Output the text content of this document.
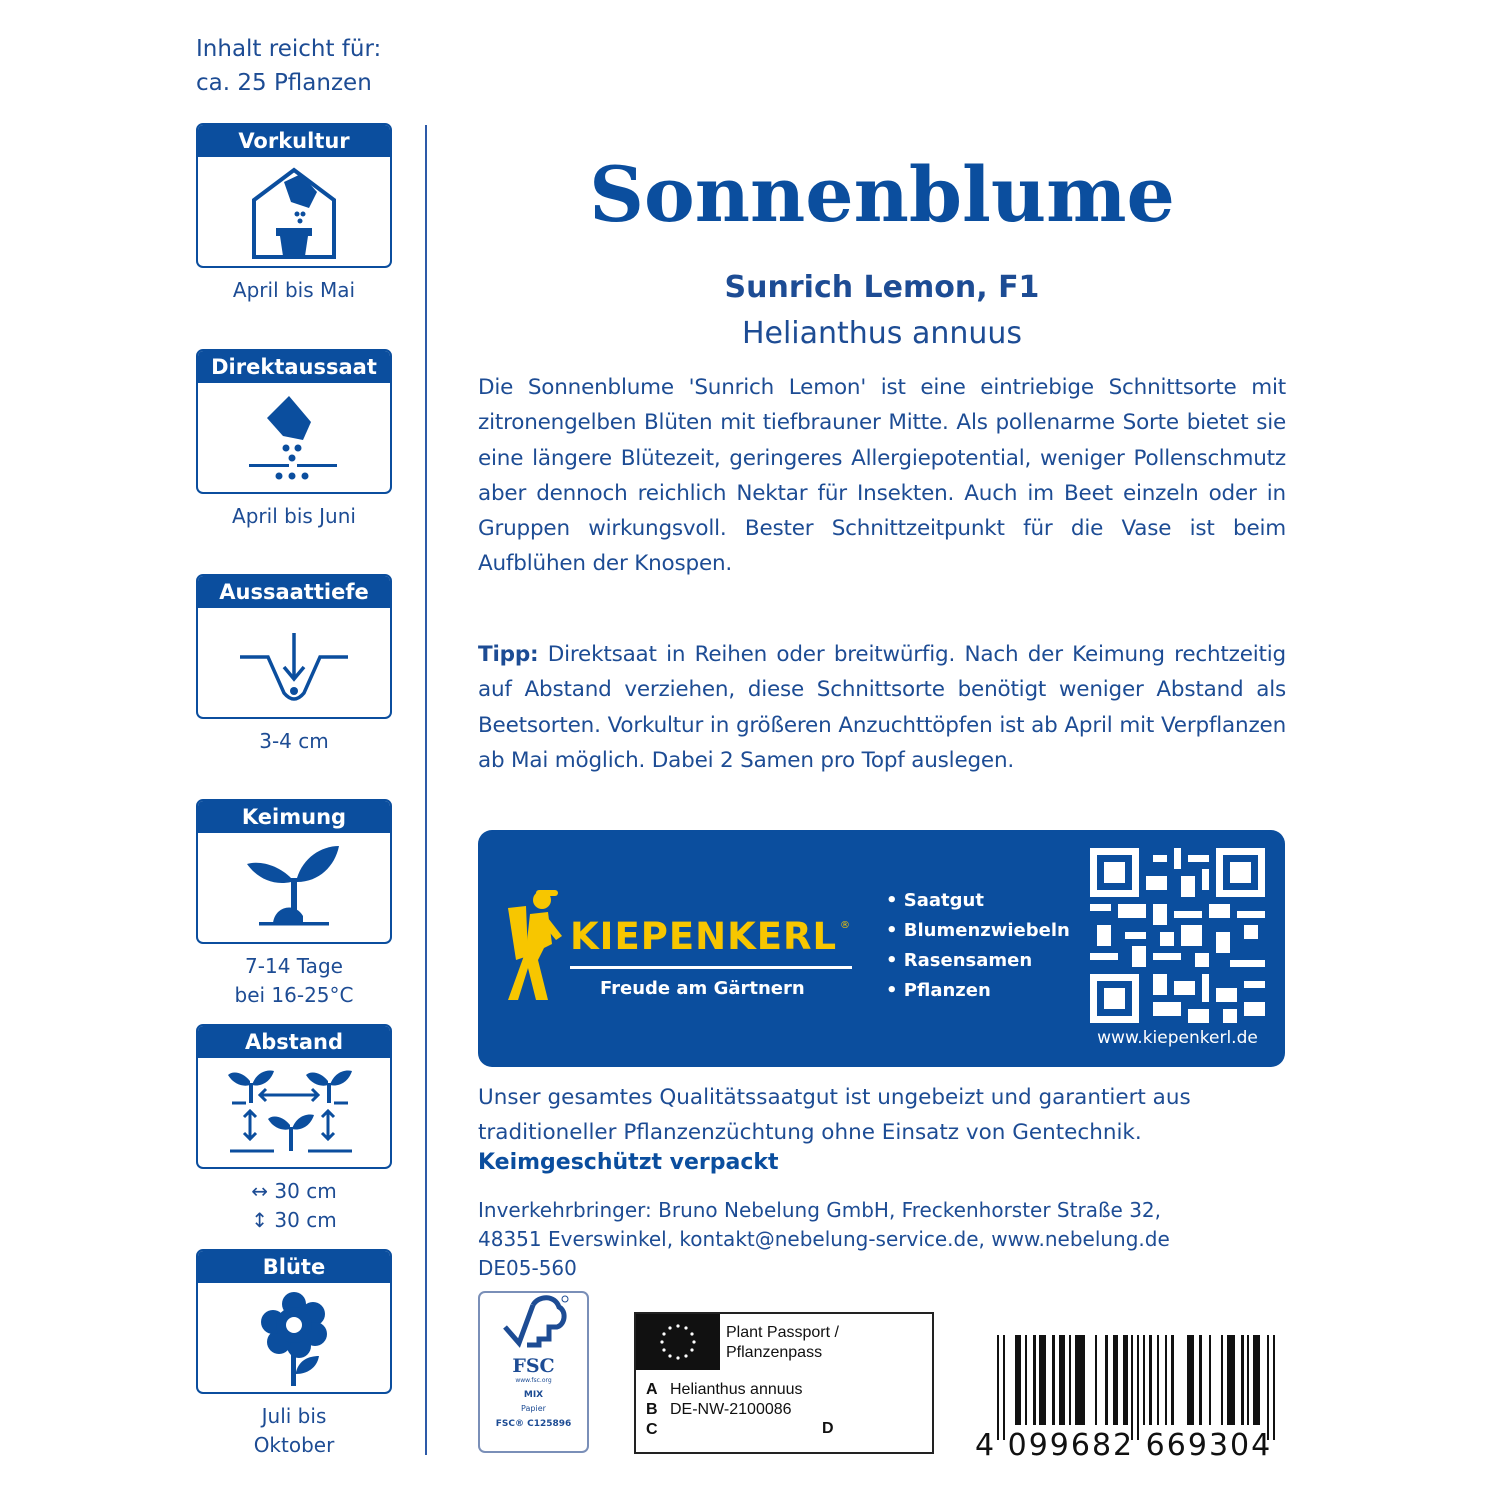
Inhalt reicht für:
ca. 25 Pflanzen
Vorkultur
April bis Mai
Direktaussaat
April bis Juni
Aussaattiefe
3-4 cm
Keimung
7-14 Tage
bei 16-25°C
Abstand
↔ 30 cm
↕ 30 cm
Blüte
Juli bis
Oktober
Sonnenblume
Sunrich Lemon, F1
Helianthus annuus

Die Sonnenblume 'Sunrich Lemon' ist eine eintriebige Schnittsorte mit zitronengelben Blüten mit tiefbrauner Mitte. Als pollenarme Sorte bietet sie eine längere Blütezeit, geringeres Allergiepotential, weniger Pollenschmutz aber dennoch reichlich Nektar für Insekten. Auch im Beet einzeln oder in Gruppen wirkungsvoll. Bester Schnittzeitpunkt für die Vase ist beim Aufblühen der Knospen.

Tipp: Direktsaat in Reihen oder breitwürfig. Nach der Keimung rechtzeitig auf Abstand verziehen, diese Schnittsorte benötigt weniger Abstand als Beetsorten. Vorkultur in größeren Anzuchttöpfen ist ab April mit Verpflanzen ab Mai möglich. Dabei 2 Samen pro Topf auslegen.

KIEPENKERL ®
Freude am Gärtnern
• Saatgut
• Blumenzwiebeln
• Rasensamen
• Pflanzen
www.kiepenkerl.de

Unser gesamtes Qualitätssaatgut ist ungebeizt und garantiert aus traditioneller Pflanzenzüchtung ohne Einsatz von Gentechnik.

Keimgeschützt verpackt
Inverkehrbringer: Bruno Nebelung GmbH, Freckenhorster Straße 32,
48351 Everswinkel, kontakt@nebelung-service.de, www.nebelung.de
DE05-560
FSC
www.fsc.org
MIX
Papier
FSC® C125896
Plant Passport /
Pflanzenpass
A Helianthus annuus
B DE-NW-2100086
C	D	4 099682 669304
